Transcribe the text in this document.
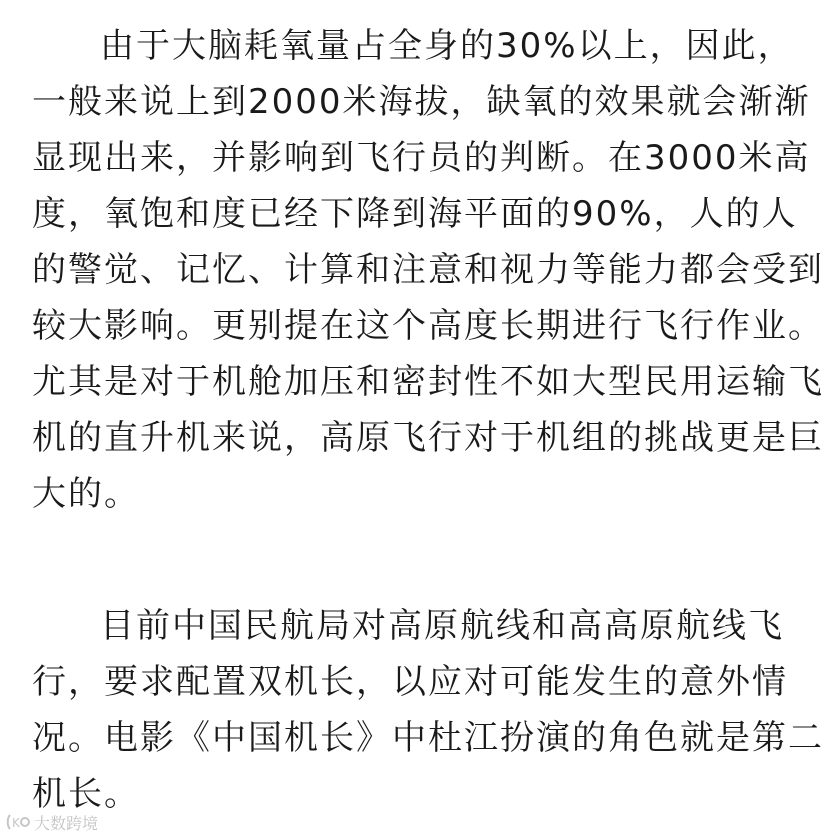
由于大脑耗氧量占全身的30%以上，因此，

一般来说上到2000米海拔，缺氧的效果就会渐渐

显现出来，并影响到飞行员的判断。在3000米高

度，氧饱和度已经下降到海平面的90%，人的人

的警觉、记忆、计算和注意和视力等能力都会受到

较大影响。更别提在这个高度长期进行飞行作业。

尤其是对于机舱加压和密封性不如大型民用运输飞

机的直升机来说，高原飞行对于机组的挑战更是巨

大的。

目前中国民航局对高原航线和高高原航线飞

行，要求配置双机长，以应对可能发生的意外情

况。电影《中国机长》中杜江扮演的角色就是第二

机长。

K 大数跨境
